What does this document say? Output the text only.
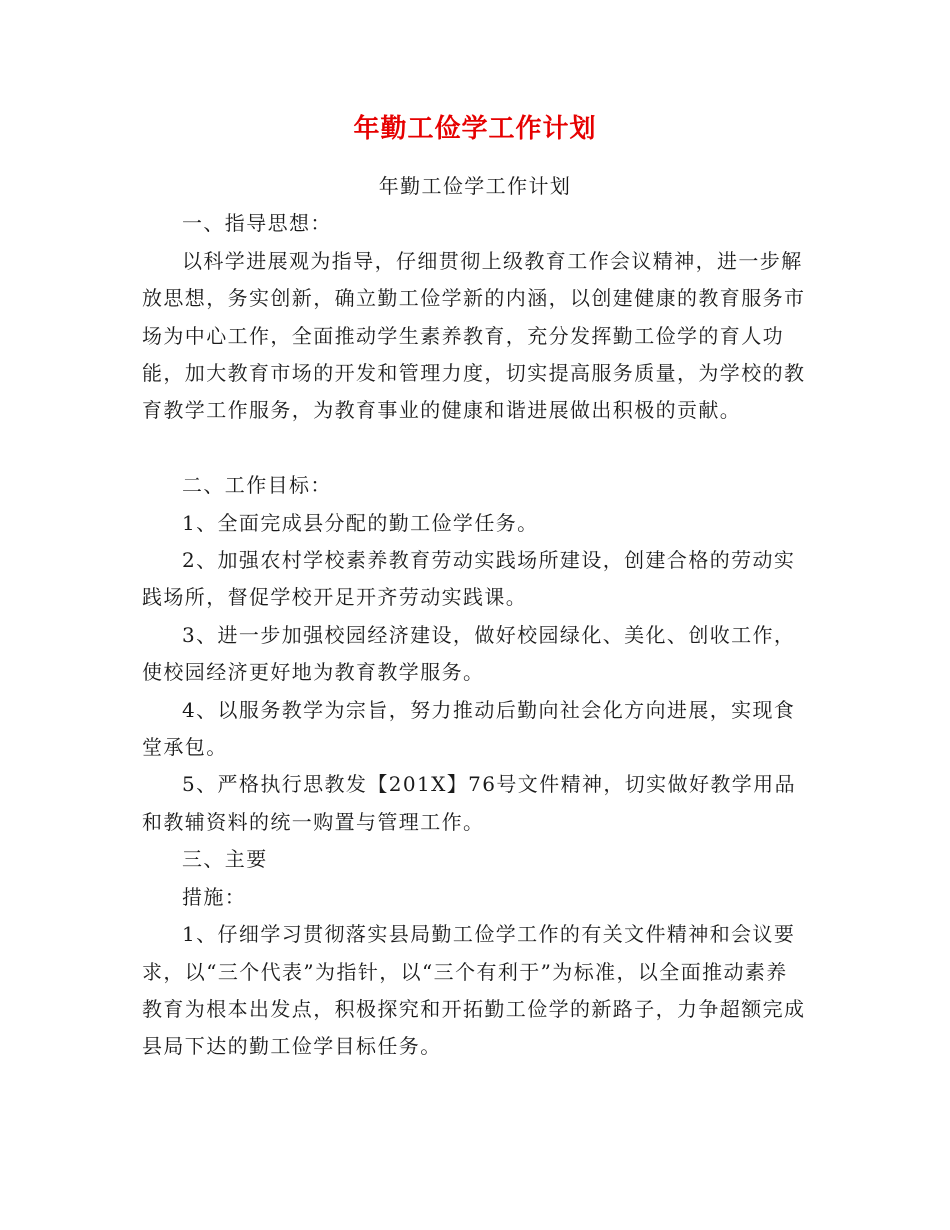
年勤工俭学工作计划

年勤工俭学工作计划

一、指导思想：

以科学进展观为指导，仔细贯彻上级教育工作会议精神，进一步解放思想，务实创新，确立勤工俭学新的内涵，以创建健康的教育服务市场为中心工作，全面推动学生素养教育，充分发挥勤工俭学的育人功能，加大教育市场的开发和管理力度，切实提高服务质量，为学校的教育教学工作服务，为教育事业的健康和谐进展做出积极的贡献。

二、工作目标：

1、全面完成县分配的勤工俭学任务。

2、加强农村学校素养教育劳动实践场所建设，创建合格的劳动实践场所，督促学校开足开齐劳动实践课。

3、进一步加强校园经济建设，做好校园绿化、美化、创收工作，使校园经济更好地为教育教学服务。

4、以服务教学为宗旨，努力推动后勤向社会化方向进展，实现食堂承包。

5、严格执行思教发【201X】76号文件精神，切实做好教学用品和教辅资料的统一购置与管理工作。

三、主要

措施：

1、仔细学习贯彻落实县局勤工俭学工作的有关文件精神和会议要求，以“三个代表”为指针，以“三个有利于”为标准，以全面推动素养教育为根本出发点，积极探究和开拓勤工俭学的新路子，力争超额完成县局下达的勤工俭学目标任务。
